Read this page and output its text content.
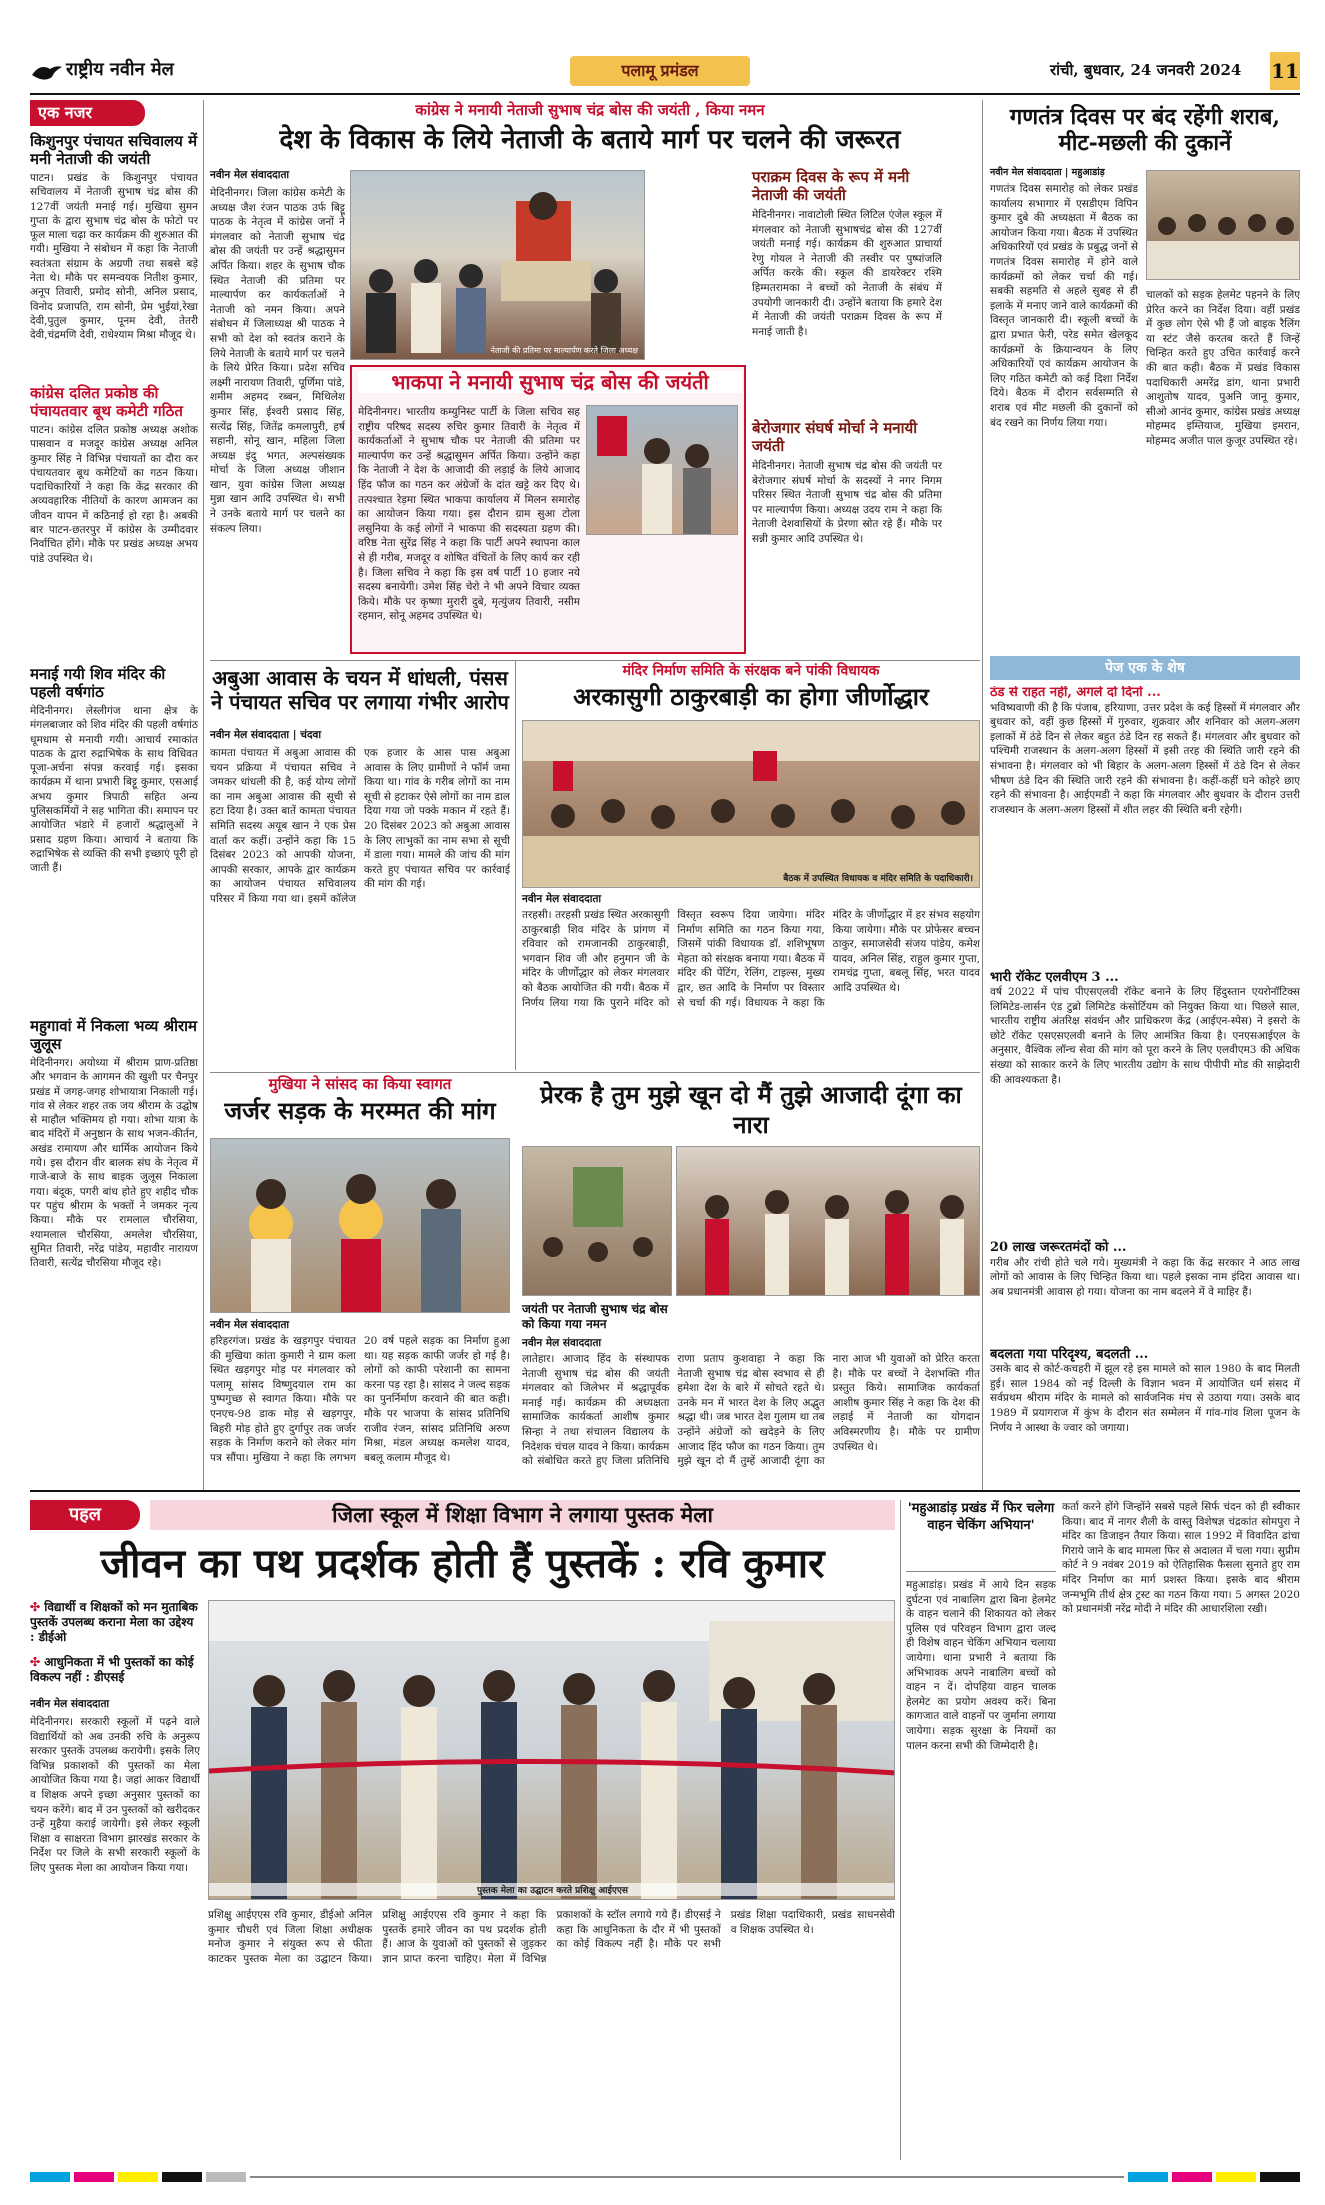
राष्ट्रीय नवीन मेल	पलामू प्रमंडल	रांची, बुधवार, 24 जनवरी 2024 11
एक नजर
किशुनपुर पंचायत सचिवालय में मनी नेताजी की जयंती
पाटन। प्रखंड के किशुनपुर पंचायत सचिवालय में नेताजी सुभाष चंद्र बोस की 127वीं जयंती मनाई गई। मुखिया सुमन गुप्ता के द्वारा सुभाष चंद्र बोस के फोटो पर फूल माला चढ़ा कर कार्यक्रम की शुरुआत की गयी। मुखिया ने संबोधन में कहा कि नेताजी स्वतंत्रता संग्राम के अग्रणी तथा सबसे बड़े नेता थे। मौके पर समन्वयक नितीश कुमार, अनूप तिवारी, प्रमोद सोनी, अनिल प्रसाद, विनोद प्रजापति, राम सोनी, प्रेम भुईयां,रेखा देवी,पुतुल कुमार, पूनम देवी, तेतरी देवी,चंद्रमणि देवी, राधेश्याम मिश्रा मौजूद थे।
कांग्रेस दलित प्रकोष्ठ की पंचायतवार बूथ कमेटी गठित
पाटन। कांग्रेस दलित प्रकोष्ठ अध्यक्ष अशोक पासवान व मजदूर कांग्रेस अध्यक्ष अनिल कुमार सिंह ने विभिन्न पंचायतों का दौरा कर पंचायतवार बूथ कमेटियों का गठन किया। पदाधिकारियों ने कहा कि केंद्र सरकार की अव्यवहारिक नीतियों के कारण आमजन का जीवन यापन में कठिनाई हो रहा है। अबकी बार पाटन-छतरपुर में कांग्रेस के उम्मीदवार निर्वाचित होंगे। मौके पर प्रखंड अध्यक्ष अभय पांडे उपस्थित थे।
मनाई गयी शिव मंदिर की पहली वर्षगांठ
मेदिनीनगर। लेस्लीगंज थाना क्षेत्र के मंगलबाजार को शिव मंदिर की पहली वर्षगांठ धूमधाम से मनायी गयी। आचार्य रमाकांत पाठक के द्वारा रुद्राभिषेक के साथ विधिवत पूजा-अर्चना संपन्न करवाई गई। इसका कार्यक्रम में थाना प्रभारी बिट्टू कुमार, एसआई अभय कुमार त्रिपाठी सहित अन्य पुलिसकर्मियों ने सह भागिता की। समापन पर आयोजित भंडारे में हजारों श्रद्धालुओं ने प्रसाद ग्रहण किया। आचार्य ने बताया कि रुद्राभिषेक से व्यक्ति की सभी इच्छाएं पूरी हो जाती हैं।
महुगावां में निकला भव्य श्रीराम जुलूस
मेदिनीनगर। अयोध्या में श्रीराम प्राण-प्रतिष्ठा और भगवान के आगमन की खुशी पर चैनपुर प्रखंड में जगह-जगह शोभायात्रा निकाली गई। गांव से लेकर शहर तक जय श्रीराम के उद्घोष से माहौल भक्तिमय हो गया। शोभा यात्रा के बाद मंदिरों में अनुष्ठान के साथ भजन-कीर्तन, अखंड रामायण और धार्मिक आयोजन किये गये। इस दौरान वीर बालक संघ के नेतृत्व में गाजे-बाजे के साथ बाइक जुलूस निकाला गया। बंदूक, पगरी बांध होते हुए शहीद चौक पर पहुंच श्रीराम के भक्तों ने जमकर नृत्य किया। मौके पर रामलाल चौरसिया, श्यामलाल चौरसिया, अमलेश चौरसिया, सुमित तिवारी, नरेंद्र पांडेय, महावीर नारायण तिवारी, सत्येंद्र चौरसिया मौजूद रहे।
कांग्रेस ने मनायी नेताजी सुभाष चंद्र बोस की जयंती , किया नमन
देश के विकास के लिये नेताजी के बताये मार्ग पर चलने की जरूरत
नवीन मेल संवाददाता
मेदिनीनगर। जिला कांग्रेस कमेटी के अध्यक्ष जैश रंजन पाठक उर्फ बिट्टू पाठक के नेतृत्व में कांग्रेस जनों ने मंगलवार को नेताजी सुभाष चंद्र बोस की जयंती पर उन्हें श्रद्धासुमन अर्पित किया। शहर के सुभाष चौक स्थित नेताजी की प्रतिमा पर माल्यार्पण कर कार्यकर्ताओं ने नेताजी को नमन किया। अपने संबोधन में जिलाध्यक्ष श्री पाठक ने सभी को देश को स्वतंत्र कराने के लिये नेताजी के बताये मार्ग पर चलने के लिये प्रेरित किया। प्रदेश सचिव लक्ष्मी नारायण तिवारी, पूर्णिमा पांडे, शमीम अहमद रब्बन, मिथिलेश कुमार सिंह, ईश्वरी प्रसाद सिंह, सत्येंद्र सिंह, जितेंद्र कमलापुरी, हर्ष सहानी, सोनू खान, महिला जिला अध्यक्ष इंदु भगत, अल्पसंख्यक मोर्चा के जिला अध्यक्ष जीशान खान, युवा कांग्रेस जिला अध्यक्ष मुन्ना खान आदि उपस्थित थे। सभी ने उनके बताये मार्ग पर चलने का संकल्प लिया।
नेताजी की प्रतिमा पर माल्यार्पण करते जिला अध्यक्ष
भाकपा ने मनायी सुभाष चंद्र बोस की जयंती
मेदिनीनगर। भारतीय कम्युनिस्ट पार्टी के जिला सचिव सह राष्ट्रीय परिषद सदस्य रुचिर कुमार तिवारी के नेतृत्व में कार्यकर्ताओं ने सुभाष चौक पर नेताजी की प्रतिमा पर माल्यार्पण कर उन्हें श्रद्धासुमन अर्पित किया। उन्होंने कहा कि नेताजी ने देश के आजादी की लड़ाई के लिये आजाद हिंद फौज का गठन कर अंग्रेजों के दांत खट्टे कर दिए थे। तत्पश्चात रेड़मा स्थित भाकपा कार्यालय में मिलन समारोह का आयोजन किया गया। इस दौरान ग्राम सुआ टोला लसुनिया के कई लोगों ने भाकपा की सदस्यता ग्रहण की। वरिष्ठ नेता सुरेंद्र सिंह ने कहा कि पार्टी अपने स्थापना काल से ही गरीब, मजदूर व शोषित वंचितों के लिए कार्य कर रही है। जिला सचिव ने कहा कि इस वर्ष पार्टी 10 हजार नये सदस्य बनायेगी। उमेश सिंह चेरो ने भी अपने विचार व्यक्त किये। मौके पर कृष्णा मुरारी दुबे, मृत्युंजय तिवारी, नसीम रहमान, सोनू अहमद उपस्थित थे।
पराक्रम दिवस के रूप में मनी नेताजी की जयंती
मेदिनीनगर। नावाटोली स्थित लिटिल एंजेल स्कूल में मंगलवार को नेताजी सुभाषचंद्र बोस की 127वीं जयंती मनाई गई। कार्यक्रम की शुरुआत प्राचार्या रेणु गोयल ने नेताजी की तस्वीर पर पुष्पांजलि अर्पित करके की। स्कूल की डायरेक्टर रश्मि हिम्मतरामका ने बच्चों को नेताजी के संबंध में उपयोगी जानकारी दी। उन्होंने बताया कि हमारे देश में नेताजी की जयंती पराक्रम दिवस के रूप में मनाई जाती है।
बेरोजगार संघर्ष मोर्चा ने मनायी जयंती
मेदिनीनगर। नेताजी सुभाष चंद्र बोस की जयंती पर बेरोजगार संघर्ष मोर्चा के सदस्यों ने नगर निगम परिसर स्थित नेताजी सुभाष चंद्र बोस की प्रतिमा पर माल्यार्पण किया। अध्यक्ष उदय राम ने कहा कि नेताजी देशवासियों के प्रेरणा स्रोत रहे हैं। मौके पर सन्नी कुमार आदि उपस्थित थे।
गणतंत्र दिवस पर बंद रहेंगी शराब, मीट-मछली की दुकानें
नवीन मेल संवाददाता | महुआडांड़
गणतंत्र दिवस समारोह को लेकर प्रखंड कार्यालय सभागार में एसडीएम विपिन कुमार दुबे की अध्यक्षता में बैठक का आयोजन किया गया। बैठक में उपस्थित अधिकारियों एवं प्रखंड के प्रबुद्ध जनों से गणतंत्र दिवस समारोह में होने वाले कार्यक्रमों को लेकर चर्चा की गई। सबकी सहमति से अहले सुबह से ही इलाके में मनाए जाने वाले कार्यक्रमों की विस्तृत जानकारी दी। स्कूली बच्चों के द्वारा प्रभात फेरी, परेड समेत खेलकूद कार्यक्रमों के क्रियान्वयन के लिए अधिकारियों एवं कार्यक्रम आयोजन के लिए गठित कमेटी को कई दिशा निर्देश दिये। बैठक में दौरान सर्वसम्मति से शराब एवं मीट मछली की दुकानों को बंद रखने का निर्णय लिया गया।
चालकों को सड़क हेलमेट पहनने के लिए प्रेरित करने का निर्देश दिया। वहीं प्रखंड में कुछ लोग ऐसे भी हैं जो बाइक रैलिंग या स्टंट जैसे करतब करते हैं जिन्हें चिन्हित करते हुए उचित कार्रवाई करने की बात कही। बैठक में प्रखंड विकास पदाधिकारी अमरेंद्र डांग, थाना प्रभारी आशुतोष यादव, पुअनि जानू कुमार, सीओ आनंद कुमार, कांग्रेस प्रखंड अध्यक्ष मोहम्मद इम्तियाज, मुखिया इमरान, मोहम्मद अजीत पाल कुजूर उपस्थित रहे।
पेज एक के शेष
ठंड से राहत नहीं, अगले दो दिनों ...
भविष्यवाणी की है कि पंजाब, हरियाणा, उत्तर प्रदेश के कई हिस्सों में मंगलवार और बुधवार को, वहीं कुछ हिस्सों में गुरुवार, शुक्रवार और शनिवार को अलग-अलग इलाकों में ठंडे दिन से लेकर बहुत ठंडे दिन रह सकते हैं। मंगलवार और बुधवार को पश्चिमी राजस्थान के अलग-अलग हिस्सों में इसी तरह की स्थिति जारी रहने की संभावना है। मंगलवार को भी बिहार के अलग-अलग हिस्सों में ठंडे दिन से लेकर भीषण ठंडे दिन की स्थिति जारी रहने की संभावना है। कहीं-कहीं घने कोहरे छाए रहने की संभावना है। आईएमडी ने कहा कि मंगलवार और बुधवार के दौरान उत्तरी राजस्थान के अलग-अलग हिस्सों में शीत लहर की स्थिति बनी रहेगी।
भारी रॉकेट एलवीएम 3 ...
वर्ष 2022 में पांच पीएसएलवी रॉकेट बनाने के लिए हिंदुस्तान एयरोनॉटिक्स लिमिटेड-लार्सन एंड टुब्रो लिमिटेड कंसोर्टियम को नियुक्त किया था। पिछले साल, भारतीय राष्ट्रीय अंतरिक्ष संवर्धन और प्राधिकरण केंद्र (आईएन-स्पेस) ने इसरो के छोटे रॉकेट एसएसएलवी बनाने के लिए आमंत्रित किया है। एनएसआईएल के अनुसार, वैश्विक लॉन्च सेवा की मांग को पूरा करने के लिए एलवीएम3 की अधिक संख्या को साकार करने के लिए भारतीय उद्योग के साथ पीपीपी मोड की साझेदारी की आवश्यकता है।
20 लाख जरूरतमंदों को ...
गरीब और रांची होते चले गये। मुख्यमंत्री ने कहा कि केंद्र सरकार ने आठ लाख लोगों को आवास के लिए चिन्हित किया था। पहले इसका नाम इंदिरा आवास था। अब प्रधानमंत्री आवास हो गया। योजना का नाम बदलने में वे माहिर हैं।
बदलता गया परिदृश्य, बदलती ...
उसके बाद से कोर्ट-कचहरी में झूल रहे इस मामले को साल 1980 के बाद मिलती हुई। साल 1984 को नई दिल्ली के विज्ञान भवन में आयोजित धर्म संसद में सर्वप्रथम श्रीराम मंदिर के मामले को सार्वजनिक मंच से उठाया गया। उसके बाद 1989 में प्रयागराज में कुंभ के दौरान संत सम्मेलन में गांव-गांव शिला पूजन के निर्णय ने आस्था के ज्वार को जगाया।
अबुआ आवास के चयन में धांधली, पंसस ने पंचायत सचिव पर लगाया गंभीर आरोप
नवीन मेल संवाददाता | चंदवा
कामता पंचायत में अबुआ आवास की चयन प्रक्रिया में पंचायत सचिव ने जमकर धांधली की है, कई योग्य लोगों का नाम अबुआ आवास की सूची से हटा दिया है। उक्त बातें कामता पंचायत समिति सदस्य अयूब खान ने एक प्रेस वार्ता कर कहीं। उन्होंने कहा कि 15 दिसंबर 2023 को आपकी योजना, आपकी सरकार, आपके द्वार कार्यक्रम का आयोजन पंचायत सचिवालय परिसर में किया गया था। इसमें कॉलेज एक हजार के आस पास अबुआ आवास के लिए ग्रामीणों ने फॉर्म जमा किया था। गांव के गरीब लोगों का नाम सूची से हटाकर ऐसे लोगों का नाम डाल दिया गया जो पक्के मकान में रहते हैं। 20 दिसंबर 2023 को अबुआ आवास के लिए लाभुकों का नाम सभा से सूची में डाला गया। मामले की जांच की मांग करते हुए पंचायत सचिव पर कार्रवाई की मांग की गई।
मंदिर निर्माण समिति के संरक्षक बने पांकी विधायक
अरकासुगी ठाकुरबाड़ी का होगा जीर्णोद्धार
बैठक में उपस्थित विधायक व मंदिर समिति के पदाधिकारी।
नवीन मेल संवाददाता
तरहसी। तरहसी प्रखंड स्थित अरकासुगी ठाकुरबाड़ी शिव मंदिर के प्रांगण में रविवार को रामजानकी ठाकुरबाड़ी, भगवान शिव जी और हनुमान जी के मंदिर के जीर्णोद्धार को लेकर मंगलवार को बैठक आयोजित की गयी। बैठक में निर्णय लिया गया कि पुराने मंदिर को विस्तृत स्वरूप दिया जायेगा। मंदिर निर्माण समिति का गठन किया गया, जिसमें पांकी विधायक डॉ. शशिभूषण मेहता को संरक्षक बनाया गया। बैठक में मंदिर की पेंटिंग, रेलिंग, टाइल्स, मुख्य द्वार, छत आदि के निर्माण पर विस्तार से चर्चा की गई। विधायक ने कहा कि मंदिर के जीर्णोद्धार में हर संभव सहयोग किया जायेगा। मौके पर प्रोफेसर बच्चन ठाकुर, समाजसेवी संजय पांडेय, कमेश यादव, अनिल सिंह, राहुल कुमार गुप्ता, रामचंद्र गुप्ता, बबलू सिंह, भरत यादव आदि उपस्थित थे।
मुखिया ने सांसद का किया स्वागत
जर्जर सड़क के मरम्मत की मांग
नवीन मेल संवाददाता
हरिहरगंज। प्रखंड के खड़गपुर पंचायत की मुखिया कांता कुमारी ने ग्राम कला स्थित खड़गपुर मोड़ पर मंगलवार को पलामू सांसद विष्णुदयाल राम का पुष्पगुच्छ से स्वागत किया। मौके पर एनएच-98 डाक मोड़ से खड़गपुर, बिहरी मोड़ होते हुए दुर्गापुर तक जर्जर सड़क के निर्माण कराने को लेकर मांग पत्र सौंपा। मुखिया ने कहा कि लगभग 20 वर्ष पहले सड़क का निर्माण हुआ था। यह सड़क काफी जर्जर हो गई है। लोगों को काफी परेशानी का सामना करना पड़ रहा है। सांसद ने जल्द सड़क का पुनर्निर्माण करवाने की बात कही। मौके पर भाजपा के सांसद प्रतिनिधि राजीव रंजन, सांसद प्रतिनिधि अरुण मिश्रा, मंडल अध्यक्ष कमलेश यादव, बबलू कलाम मौजूद थे।
प्रेरक है तुम मुझे खून दो मैं तुझे आजादी दूंगा का नारा
जयंती पर नेताजी सुभाष चंद्र बोस को किया गया नमन
नवीन मेल संवाददाता
लातेहार। आजाद हिंद के संस्थापक नेताजी सुभाष चंद्र बोस की जयंती मंगलवार को जिलेभर में श्रद्धापूर्वक मनाई गई। कार्यक्रम की अध्यक्षता सामाजिक कार्यकर्ता आशीष कुमार सिन्हा ने तथा संचालन विद्यालय के निदेशक चंचल यादव ने किया। कार्यक्रम को संबोधित करते हुए जिला प्रतिनिधि राणा प्रताप कुशवाहा ने कहा कि नेताजी सुभाष चंद्र बोस स्वभाव से ही हमेशा देश के बारे में सोचते रहते थे। उनके मन में भारत देश के लिए अद्भुत श्रद्धा थी। जब भारत देश गुलाम था तब उन्होंने अंग्रेजों को खदेड़ने के लिए आजाद हिंद फौज का गठन किया। तुम मुझे खून दो मैं तुम्हें आजादी दूंगा का नारा आज भी युवाओं को प्रेरित करता है। मौके पर बच्चों ने देशभक्ति गीत प्रस्तुत किये। सामाजिक कार्यकर्ता आशीष कुमार सिंह ने कहा कि देश की लड़ाई में नेताजी का योगदान अविस्मरणीय है। मौके पर ग्रामीण उपस्थित थे।
पहल	जिला स्कूल में शिक्षा विभाग ने लगाया पुस्तक मेला
जीवन का पथ प्रदर्शक होती हैं पुस्तकें : रवि कुमार
✣ विद्यार्थी व शिक्षकों को मन मुताबिक पुस्तकें उपलब्ध कराना मेला का उद्देश्य : डीईओ
✣ आधुनिकता में भी पुस्तकों का कोई विकल्प नहीं : डीएसई
नवीन मेल संवाददाता
मेदिनीनगर। सरकारी स्कूलों में पढ़ने वाले विद्यार्थियों को अब उनकी रुचि के अनुरूप सरकार पुस्तकें उपलब्ध करायेगी। इसके लिए विभिन्न प्रकाशकों की पुस्तकों का मेला आयोजित किया गया है। जहां आकर विद्यार्थी व शिक्षक अपने इच्छा अनुसार पुस्तकों का चयन करेंगे। बाद में उन पुस्तकों को खरीदकर उन्हें मुहैया कराई जायेगी। इसे लेकर स्कूली शिक्षा व साक्षरता विभाग झारखंड सरकार के निर्देश पर जिले के सभी सरकारी स्कूलों के लिए पुस्तक मेला का आयोजन किया गया।
पुस्तक मेला का उद्घाटन करते प्रशिक्षु आईएएस
प्रशिक्षु आईएएस रवि कुमार, डीईओ अनिल कुमार चौधरी एवं जिला शिक्षा अधीक्षक मनोज कुमार ने संयुक्त रूप से फीता काटकर पुस्तक मेला का उद्घाटन किया। प्रशिक्षु आईएएस रवि कुमार ने कहा कि पुस्तकें हमारे जीवन का पथ प्रदर्शक होती हैं। आज के युवाओं को पुस्तकों से जुड़कर ज्ञान प्राप्त करना चाहिए। मेला में विभिन्न प्रकाशकों के स्टॉल लगाये गये हैं। डीएसई ने कहा कि आधुनिकता के दौर में भी पुस्तकों का कोई विकल्प नहीं है। मौके पर सभी प्रखंड शिक्षा पदाधिकारी, प्रखंड साधनसेवी व शिक्षक उपस्थित थे।
'महुआडांड़ प्रखंड में फिर चलेगा वाहन चेकिंग अभियान'
महुआडांड़। प्रखंड में आये दिन सड़क दुर्घटना एवं नाबालिग द्वारा बिना हेलमेट के वाहन चलाने की शिकायत को लेकर पुलिस एवं परिवहन विभाग द्वारा जल्द ही विशेष वाहन चेकिंग अभियान चलाया जायेगा। थाना प्रभारी ने बताया कि अभिभावक अपने नाबालिग बच्चों को वाहन न दें। दोपहिया वाहन चालक हेलमेट का प्रयोग अवश्य करें। बिना कागजात वाले वाहनों पर जुर्माना लगाया जायेगा। सड़क सुरक्षा के नियमों का पालन करना सभी की जिम्मेदारी है।
कर्ता करने होंगे जिन्होंने सबसे पहले सिर्फ चंदन को ही स्वीकार किया। बाद में नागर शैली के वास्तु विशेषज्ञ चंद्रकांत सोमपुरा ने मंदिर का डिजाइन तैयार किया। साल 1992 में विवादित ढांचा गिराये जाने के बाद मामला फिर से अदालत में चला गया। सुप्रीम कोर्ट ने 9 नवंबर 2019 को ऐतिहासिक फैसला सुनाते हुए राम मंदिर निर्माण का मार्ग प्रशस्त किया। इसके बाद श्रीराम जन्मभूमि तीर्थ क्षेत्र ट्रस्ट का गठन किया गया। 5 अगस्त 2020 को प्रधानमंत्री नरेंद्र मोदी ने मंदिर की आधारशिला रखी।
